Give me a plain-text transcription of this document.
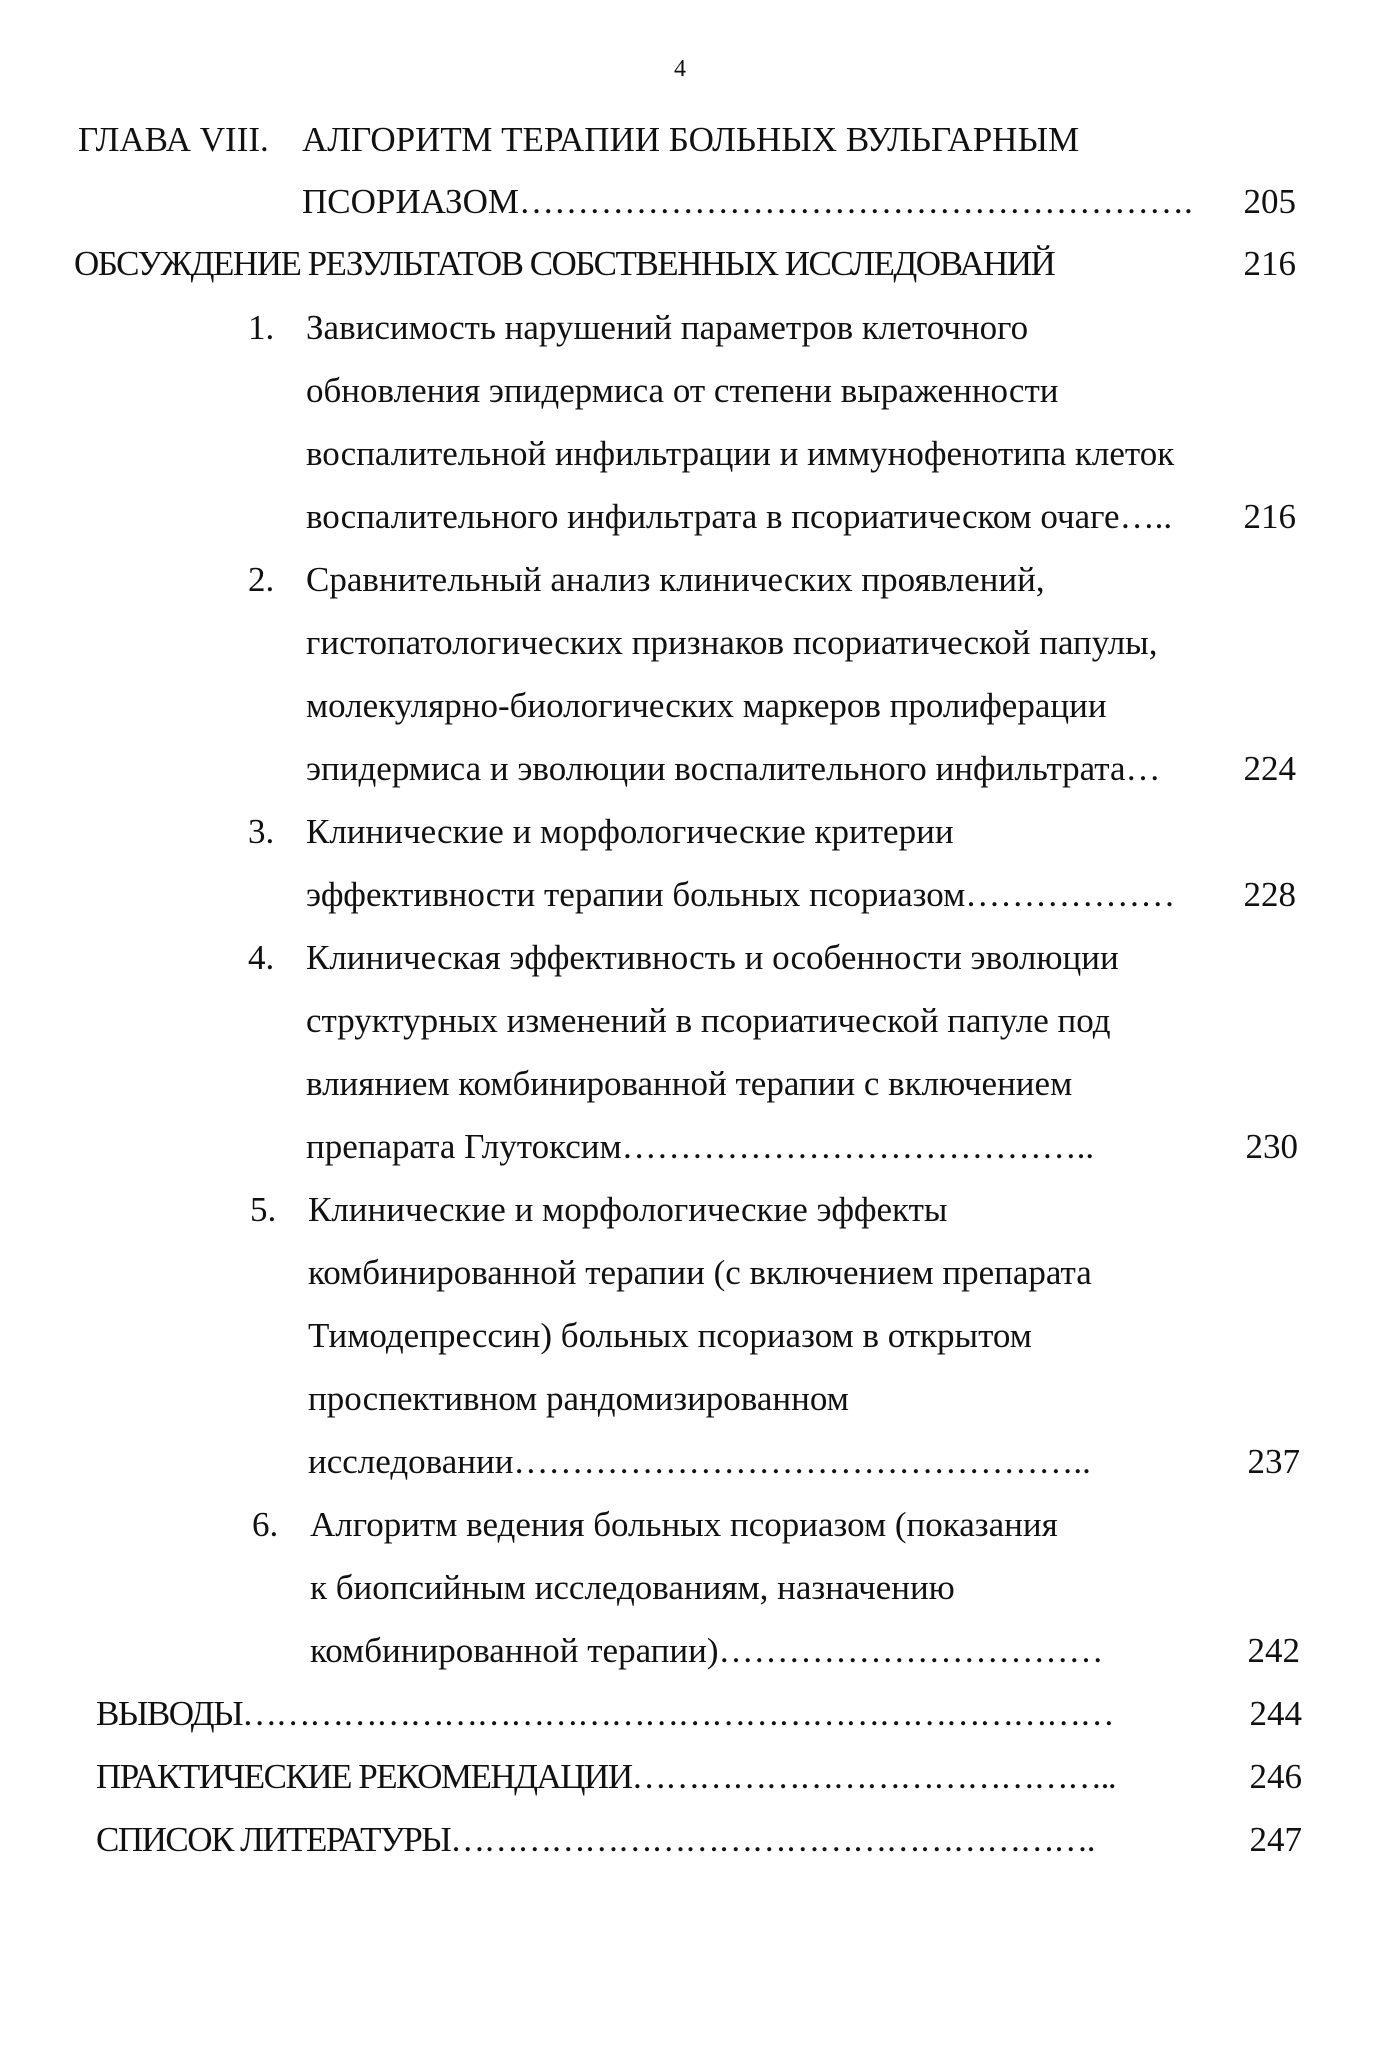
4
ГЛАВА VIII. АЛГОРИТМ ТЕРАПИИ БОЛЬНЫХ ВУЛЬГАРНЫМ
ПСОРИАЗОМ………………………………………………….	205
ОБСУЖДЕНИЕ РЕЗУЛЬТАТОВ СОБСТВЕННЫХ ИССЛЕДОВАНИЙ	216
1. Зависимость нарушений параметров клеточного
обновления эпидермиса от степени выраженности
воспалительной инфильтрации и иммунофенотипа клеток
воспалительного инфильтрата в псориатическом очаге…..	216
2. Сравнительный анализ клинических проявлений,
гистопатологических признаков псориатической папулы,
молекулярно-биологических маркеров пролиферации
эпидермиса и эволюции воспалительного инфильтрата…	224
3. Клинические и морфологические критерии
эффективности терапии больных псориазом………………	228
4. Клиническая эффективность и особенности эволюции
структурных изменений в псориатической папуле под
влиянием комбинированной терапии с включением
препарата Глутоксим…………………………………..	230
5. Клинические и морфологические эффекты
комбинированной терапии (с включением препарата
Тимодепрессин) больных псориазом в открытом
проспективном рандомизированном
исследовании…………………………………………..	237
6. Алгоритм ведения больных псориазом (показания
к биопсийным исследованиям, назначению
комбинированной терапии)……………………………	242
ВЫВОДЫ……………………………………………………………………	244
ПРАКТИЧЕСКИЕ РЕКОМЕНДАЦИИ……………………………………..	246
СПИСОК ЛИТЕРАТУРЫ………………………………………………….	247
